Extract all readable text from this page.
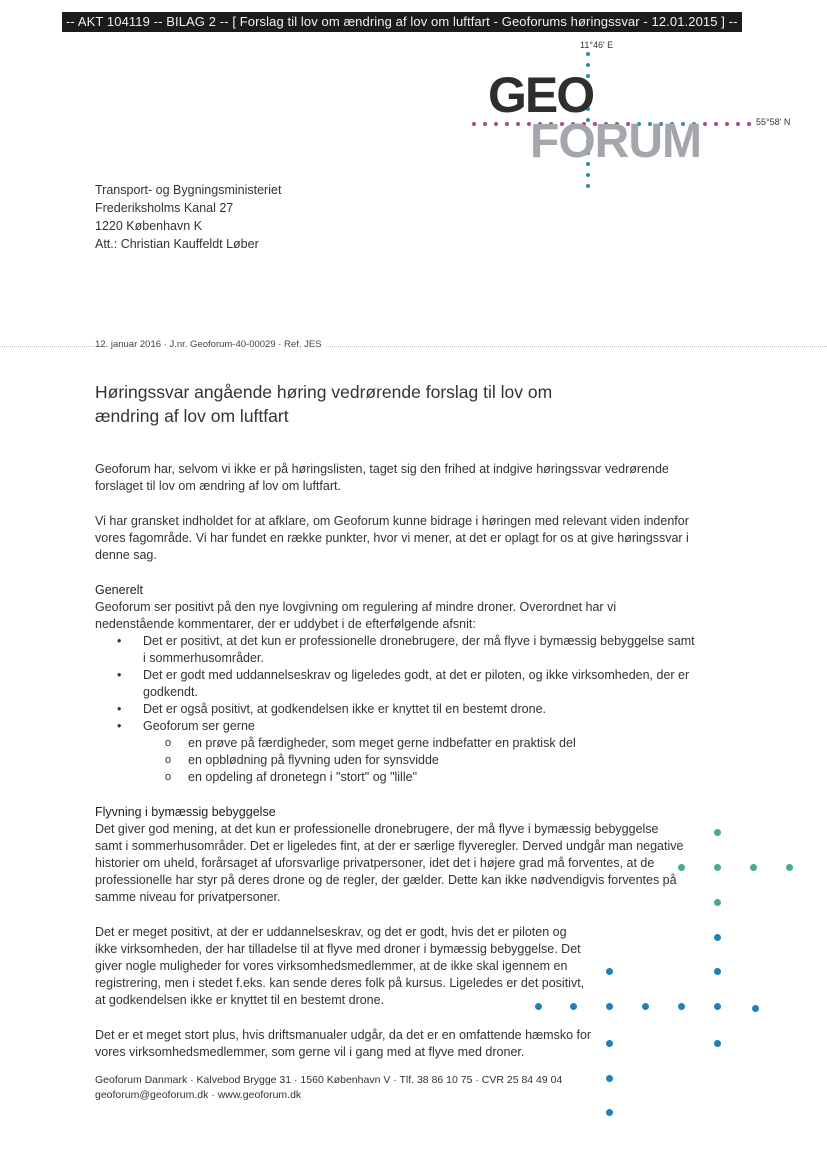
-- AKT 104119 -- BILAG 2 -- [ Forslag til lov om ændring af lov om luftfart - Geoforums høringssvar - 12.01.2015 ] --
11°46' E
55°58' N
GEO
FORUM
Transport- og Bygningsministeriet
Frederiksholms Kanal 27
1220 København K
Att.: Christian Kauffeldt Løber
12. januar 2016 · J.nr. Geoforum-40-00029 · Ref. JES
Høringssvar angående høring vedrørende forslag til lov om ændring af lov om luftfart

Geoforum har, selvom vi ikke er på høringslisten, taget sig den frihed at indgive høringssvar vedrørende forslaget til lov om ændring af lov om luftfart.

Vi har gransket indholdet for at afklare, om Geoforum kunne bidrage i høringen med relevant viden indenfor vores fagområde. Vi har fundet en række punkter, hvor vi mener, at det er oplagt for os at give høringssvar i denne sag.

Generelt
Geoforum ser positivt på den nye lovgivning om regulering af mindre droner. Overordnet har vi nedenstående kommentarer, der er uddybet i de efterfølgende afsnit:
• Det er positivt, at det kun er professionelle dronebrugere, der må flyve i bymæssig bebyggelse samt i sommerhusområder.
• Det er godt med uddannelseskrav og ligeledes godt, at det er piloten, og ikke virksomheden, der er godkendt.
• Det er også positivt, at godkendelsen ikke er knyttet til en bestemt drone.
• Geoforum ser gerne
o en prøve på færdigheder, som meget gerne indbefatter en praktisk del
o en opblødning på flyvning uden for synsvidde
o en opdeling af dronetegn i "stort" og "lille"
Flyvning i bymæssig bebyggelse

Det giver god mening, at det kun er professionelle dronebrugere, der må flyve i bymæssig bebyggelse samt i sommerhusområder. Det er ligeledes fint, at der er særlige flyveregler. Derved undgår man negative historier om uheld, forårsaget af uforsvarlige privatpersoner, idet det i højere grad må forventes, at de professionelle har styr på deres drone og de regler, der gælder. Dette kan ikke nødvendigvis forventes på samme niveau for privatpersoner.

Det er meget positivt, at der er uddannelseskrav, og det er godt, hvis det er piloten og ikke virksomheden, der har tilladelse til at flyve med droner i bymæssig bebyggelse. Det giver nogle muligheder for vores virksomhedsmedlemmer, at de ikke skal igennem en registrering, men i stedet f.eks. kan sende deres folk på kursus. Ligeledes er det positivt, at godkendelsen ikke er knyttet til en bestemt drone.

Det er et meget stort plus, hvis driftsmanualer udgår, da det er en omfattende hæmsko for vores virksomhedsmedlemmer, som gerne vil i gang med at flyve med droner.

Geoforum Danmark · Kalvebod Brygge 31 · 1560 København V · Tlf. 38 86 10 75 · CVR 25 84 49 04
geoforum@geoforum.dk · www.geoforum.dk
